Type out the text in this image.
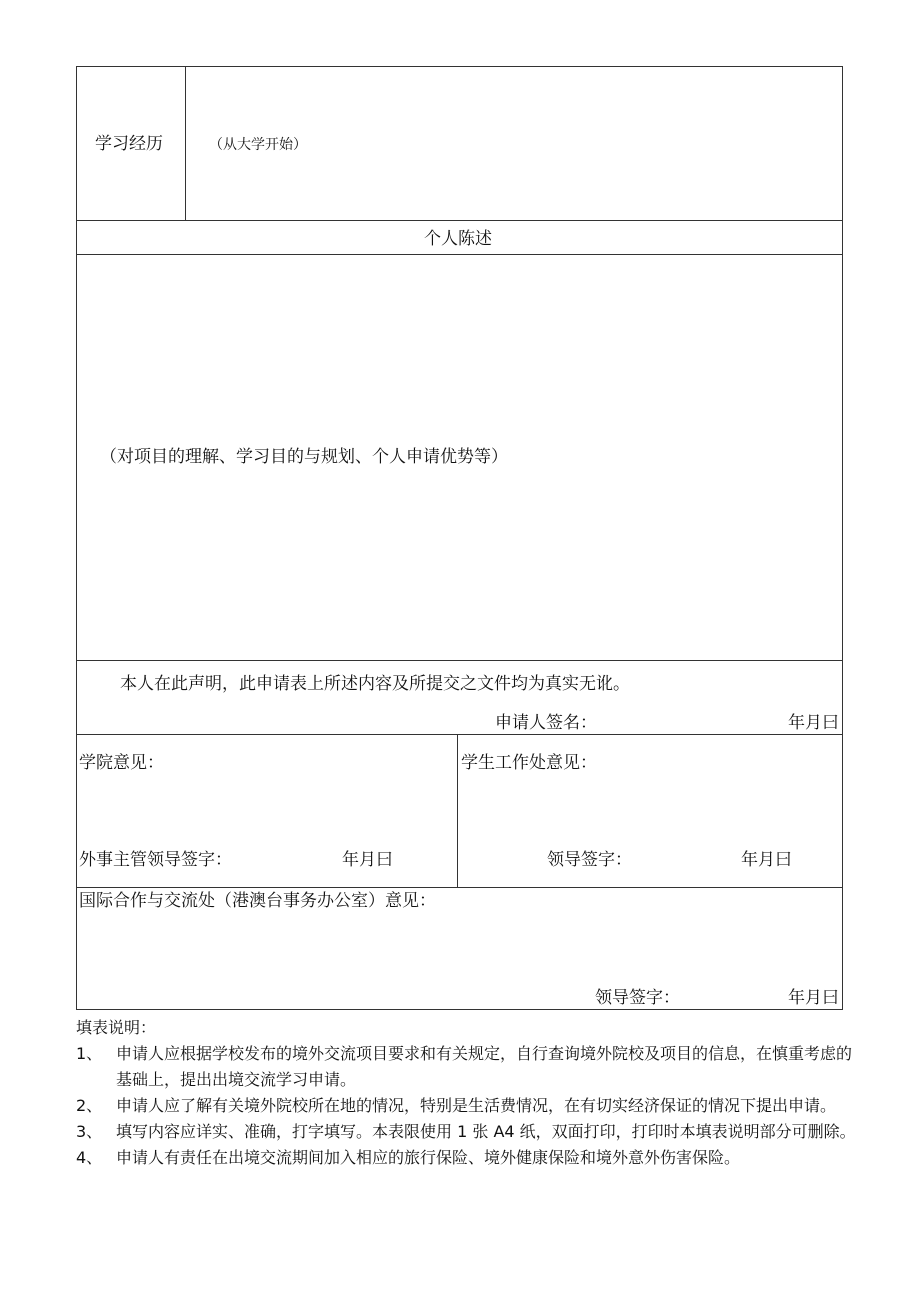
学习经历	（从大学开始）
个人陈述
（对项目的理解、学习目的与规划、个人申请优势等）
本人在此声明，此申请表上所述内容及所提交之文件均为真实无讹。
申请人签名：	年月曰
学院意见：
外事主管领导签字：	年月曰
学生工作处意见：
领导签字：	年月曰
国际合作与交流处（港澳台事务办公室）意见：
领导签字：	年月曰

填表说明：

1、 申请人应根据学校发布的境外交流项目要求和有关规定，自行查询境外院校及项目的信息，在慎重考虑的基础上，提出出境交流学习申请。
2、 申请人应了解有关境外院校所在地的情况，特别是生活费情况，在有切实经济保证的情况下提出申请。
3、 填写内容应详实、准确，打字填写。本表限使用 1 张 A4 纸，双面打印，打印时本填表说明部分可删除。
4、 申请人有责任在出境交流期间加入相应的旅行保险、境外健康保险和境外意外伤害保险。
